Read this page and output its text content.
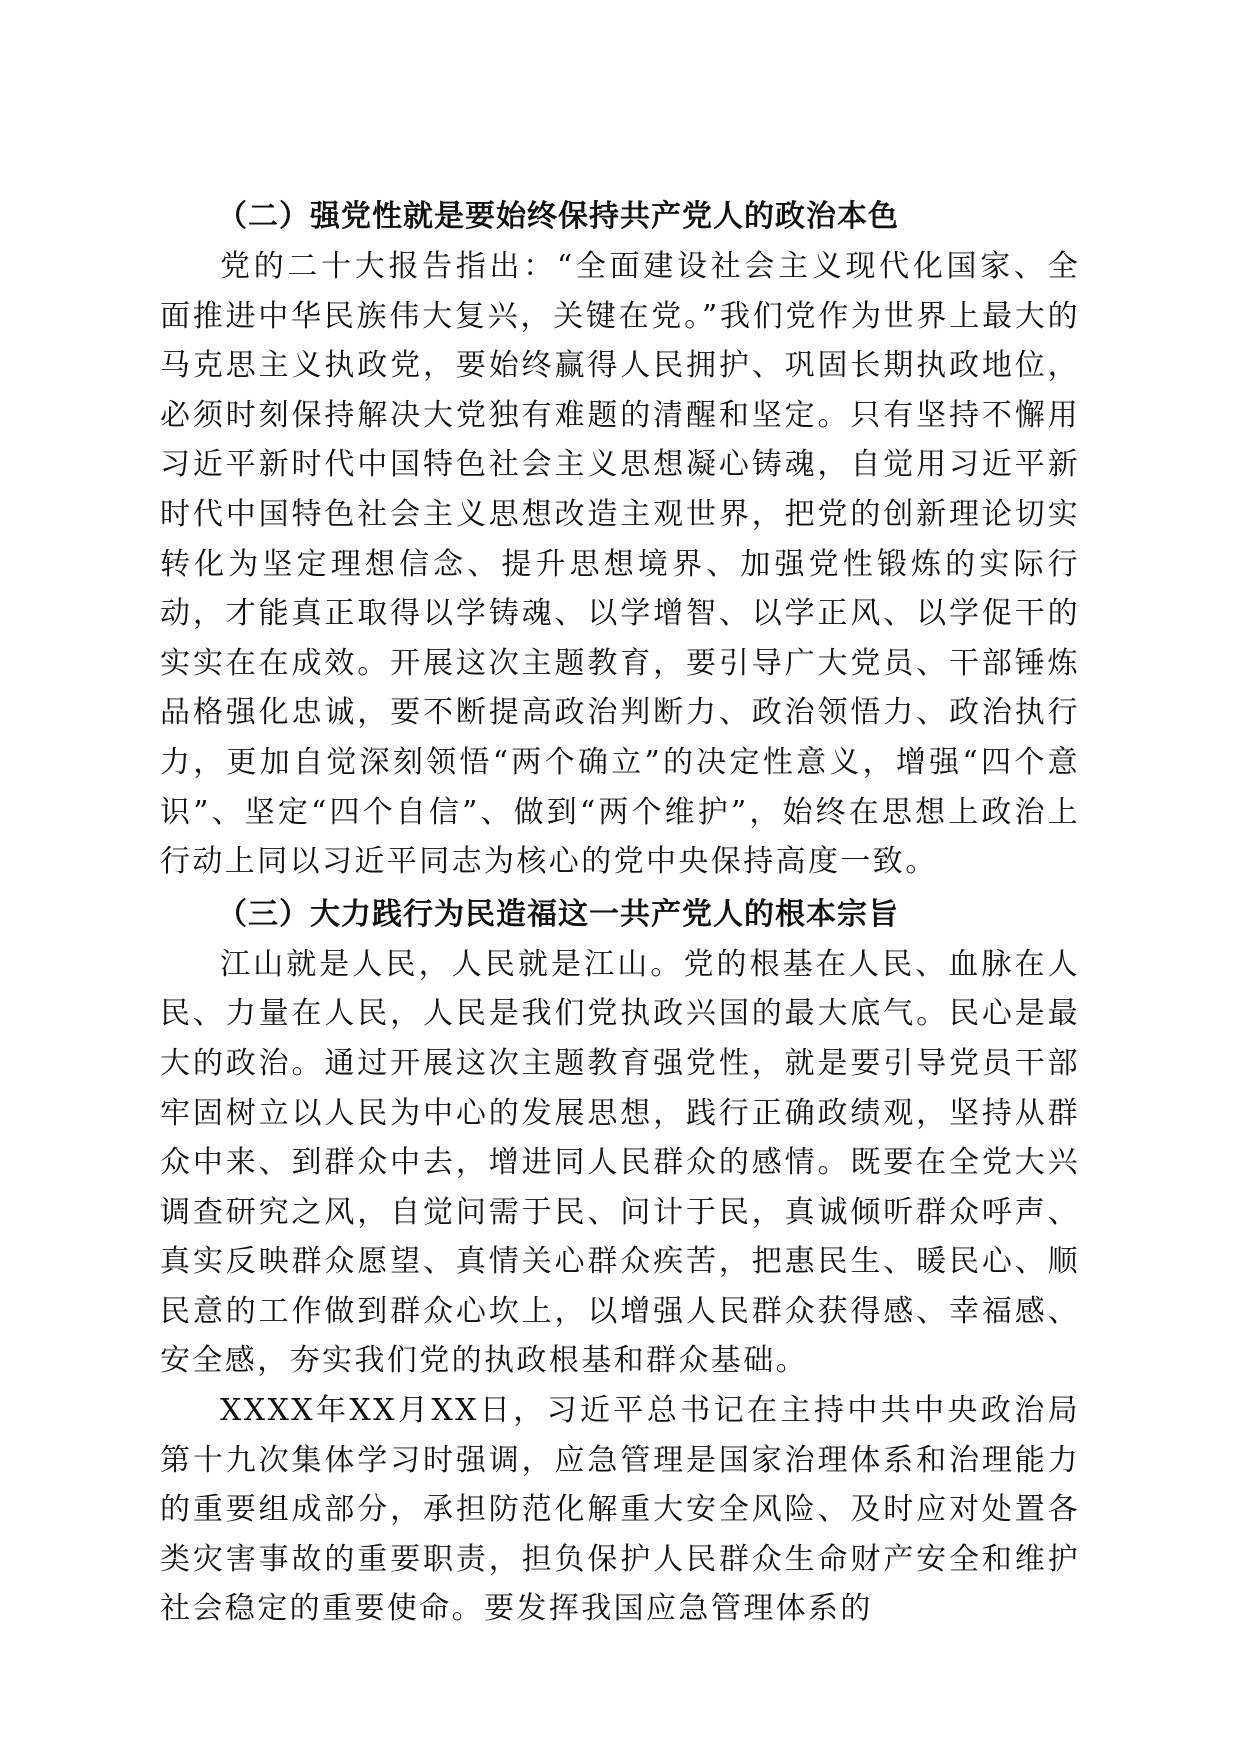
（二）强党性就是要始终保持共产党人的政治本色

党的二十大报告指出：“全面建设社会主义现代化国家、全面推进中华民族伟大复兴，关键在党。”我们党作为世界上最大的马克思主义执政党，要始终赢得人民拥护、巩固长期执政地位，必须时刻保持解决大党独有难题的清醒和坚定。只有坚持不懈用习近平新时代中国特色社会主义思想凝心铸魂，自觉用习近平新时代中国特色社会主义思想改造主观世界，把党的创新理论切实转化为坚定理想信念、提升思想境界、加强党性锻炼的实际行动，才能真正取得以学铸魂、以学增智、以学正风、以学促干的实实在在成效。开展这次主题教育，要引导广大党员、干部锤炼品格强化忠诚，要不断提高政治判断力、政治领悟力、政治执行力，更加自觉深刻领悟“两个确立”的决定性意义，增强“四个意识”、坚定“四个自信”、做到“两个维护”，始终在思想上政治上行动上同以习近平同志为核心的党中央保持高度一致。

（三）大力践行为民造福这一共产党人的根本宗旨

江山就是人民，人民就是江山。党的根基在人民、血脉在人民、力量在人民，人民是我们党执政兴国的最大底气。民心是最大的政治。通过开展这次主题教育强党性，就是要引导党员干部牢固树立以人民为中心的发展思想，践行正确政绩观，坚持从群众中来、到群众中去，增进同人民群众的感情。既要在全党大兴调查研究之风，自觉问需于民、问计于民，真诚倾听群众呼声、真实反映群众愿望、真情关心群众疾苦，把惠民生、暖民心、顺民意的工作做到群众心坎上，以增强人民群众获得感、幸福感、安全感，夯实我们党的执政根基和群众基础。

XXXX年XX月XX日，习近平总书记在主持中共中央政治局第十九次集体学习时强调，应急管理是国家治理体系和治理能力的重要组成部分，承担防范化解重大安全风险、及时应对处置各类灾害事故的重要职责，担负保护人民群众生命财产安全和维护社会稳定的重要使命。要发挥我国应急管理体系的
